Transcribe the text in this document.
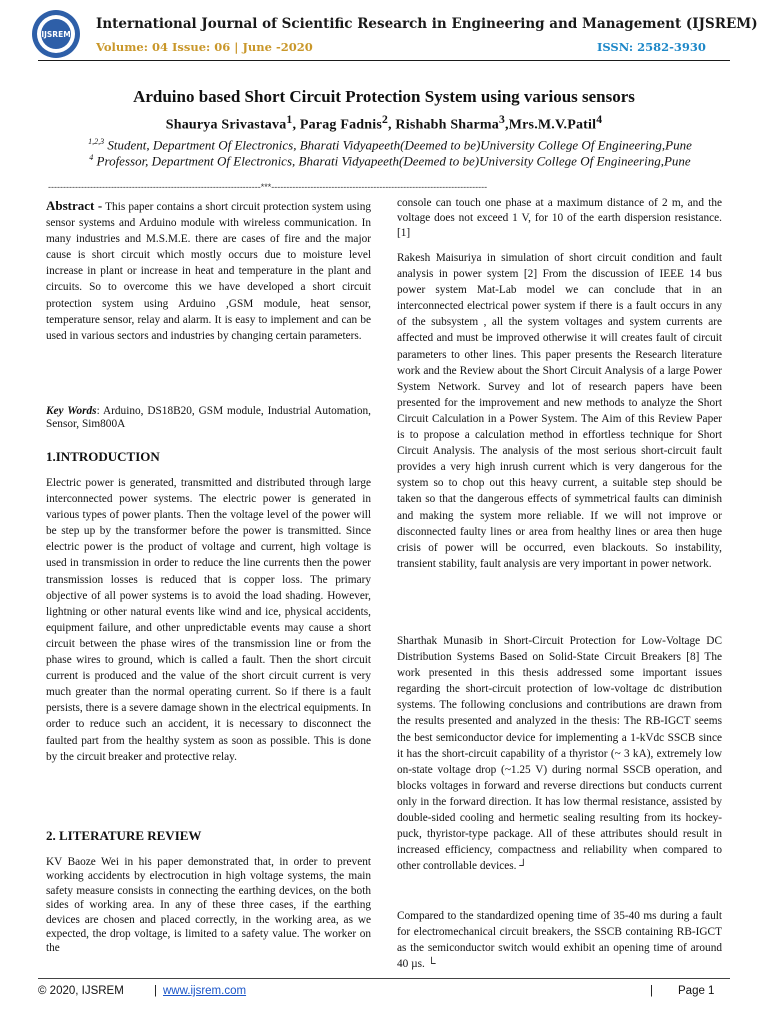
IJSREM
International Journal of Scientific Research in Engineering and Management (IJSREM)
Volume: 04 Issue: 06 | June -2020	ISSN: 2582-3930
Arduino based Short Circuit Protection System using various sensors
Shaurya Srivastava$^1$, Parag Fadnis$^2$, Rishabh Sharma$^3$,Mrs.M.V.Patil$^4$
$^{1,2,3}$ Student, Department Of Electronics, Bharati Vidyapeeth(Deemed to be)University College Of Engineering,Pune
$^4$ Professor, Department Of Electronics, Bharati Vidyapeeth(Deemed to be)University College Of Engineering,Pune
-----------------------------------------------------------------------***------------------------------------------------------------------------

Abstract - This paper contains a short circuit protection system using sensor systems and Arduino module with wireless communication. In many industries and M.S.M.E. there are cases of fire and the major cause is short circuit which mostly occurs due to moisture level increase in plant or increase in heat and temperature in the plant and circuits. So to overcome this we have developed a short circuit protection system using Arduino ,GSM module, heat sensor, temperature sensor, relay and alarm. It is easy to implement and can be used in various sectors and industries by changing certain parameters.

Key Words: Arduino, DS18B20, GSM module, Industrial Automation, Sensor, Sim800A

1.INTRODUCTION

Electric power is generated, transmitted and distributed through large interconnected power systems. The electric power is generated in various types of power plants. Then the voltage level of the power will be step up by the transformer before the power is transmitted. Since electric power is the product of voltage and current, high voltage is used in transmission in order to reduce the line currents then the power transmission losses is reduced that is copper loss. The primary objective of all power systems is to avoid the load shading. However, lightning or other natural events like wind and ice, physical accidents, equipment failure, and other unpredictable events may cause a short circuit between the phase wires of the transmission line or from the phase wires to ground, which is called a fault. Then the short circuit current is produced and the value of the short circuit current is very much greater than the normal operating current. So if there is a fault persists, there is a severe damage shown in the electrical equipments. In order to reduce such an accident, it is necessary to disconnect the faulted part from the healthy system as soon as possible. This is done by the circuit breaker and protective relay.

2. LITERATURE REVIEW

KV Baoze Wei in his paper demonstrated that, in order to prevent working accidents by electrocution in high voltage systems, the main safety measure consists in connecting the earthing devices, on the both sides of working area. In any of these three cases, if the earthing devices are chosen and placed correctly, in the working area, as we expected, the drop voltage, is limited to a safety value. The worker on the

console can touch one phase at a maximum distance of 2 m, and the voltage does not exceed 1 V, for 10 of the earth dispersion resistance.[1]

Rakesh Maisuriya in simulation of short circuit condition and fault analysis in power system [2] From the discussion of IEEE 14 bus power system Mat-Lab model we can conclude that in an interconnected electrical power system if there is a fault occurs in any of the subsystem , all the system voltages and system currents are affected and must be improved otherwise it will creates fault of circuit parameters to other lines. This paper presents the Research literature work and the Review about the Short Circuit Analysis of a large Power System Network. Survey and lot of research papers have been presented for the improvement and new methods to analyze the Short Circuit Calculation in a Power System. The Aim of this Review Paper is to propose a calculation method in effortless technique for Short Circuit Analysis. The analysis of the most serious short-circuit fault provides a very high inrush current which is very dangerous for the system so to chop out this heavy current, a suitable step should be taken so that the dangerous effects of symmetrical faults can diminish and making the system more reliable. If we will not improve or disconnected faulty lines or area from healthy lines or area then huge crisis of power will be occurred, even blackouts. So instability, transient stability, fault analysis are very important in power network.

Sharthak Munasib in Short-Circuit Protection for Low-Voltage DC Distribution Systems Based on Solid-State Circuit Breakers [8] The work presented in this thesis addressed some important issues regarding the short-circuit protection of low-voltage dc distribution systems. The following conclusions and contributions are drawn from the results presented and analyzed in the thesis: The RB-IGCT seems the best semiconductor device for implementing a 1-kVdc SSCB since it has the short-circuit capability of a thyristor (~ 3 kA), extremely low on-state voltage drop (~1.25 V) during normal SSCB operation, and blocks voltages in forward and reverse directions but conducts current only in the forward direction. It has low thermal resistance, assisted by double-sided cooling and hermetic sealing resulting from its hockey-puck, thyristor-type package. All of these attributes should result in increased efficiency, compactness and reliability when compared to other controllable devices. ┘

Compared to the standardized opening time of 35-40 ms during a fault for electromechanical circuit breakers, the SSCB containing RB-IGCT as the semiconductor switch would exhibit an opening time of around 40 µs. └

© 2020, IJSREM	| www.ijsrem.com	| Page 1
